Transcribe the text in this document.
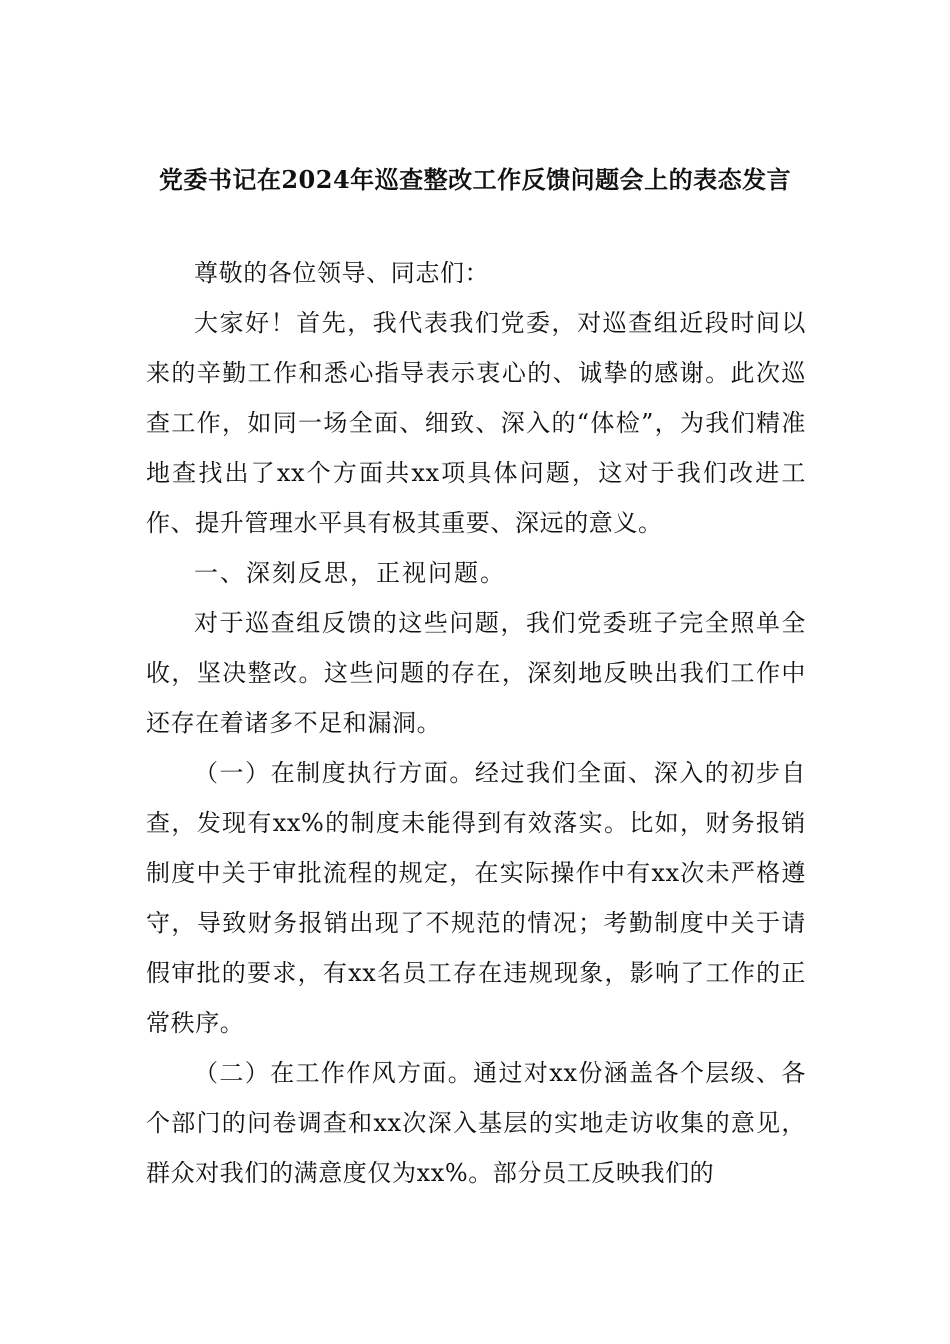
党委书记在2024年巡查整改工作反馈问题会上的表态发言

尊敬的各位领导、同志们：

大家好！首先，我代表我们党委，对巡查组近段时间以来的辛勤工作和悉心指导表示衷心的、诚挚的感谢。此次巡查工作，如同一场全面、细致、深入的“体检”，为我们精准地查找出了xx个方面共xx项具体问题，这对于我们改进工作、提升管理水平具有极其重要、深远的意义。

一、深刻反思，正视问题。

对于巡查组反馈的这些问题，我们党委班子完全照单全收，坚决整改。这些问题的存在，深刻地反映出我们工作中还存在着诸多不足和漏洞。

（一）在制度执行方面。经过我们全面、深入的初步自查，发现有xx%的制度未能得到有效落实。比如，财务报销制度中关于审批流程的规定，在实际操作中有xx次未严格遵守，导致财务报销出现了不规范的情况；考勤制度中关于请假审批的要求，有xx名员工存在违规现象，影响了工作的正常秩序。

（二）在工作作风方面。通过对xx份涵盖各个层级、各个部门的问卷调查和xx次深入基层的实地走访收集的意见，群众对我们的满意度仅为xx%。部分员工反映我们的
